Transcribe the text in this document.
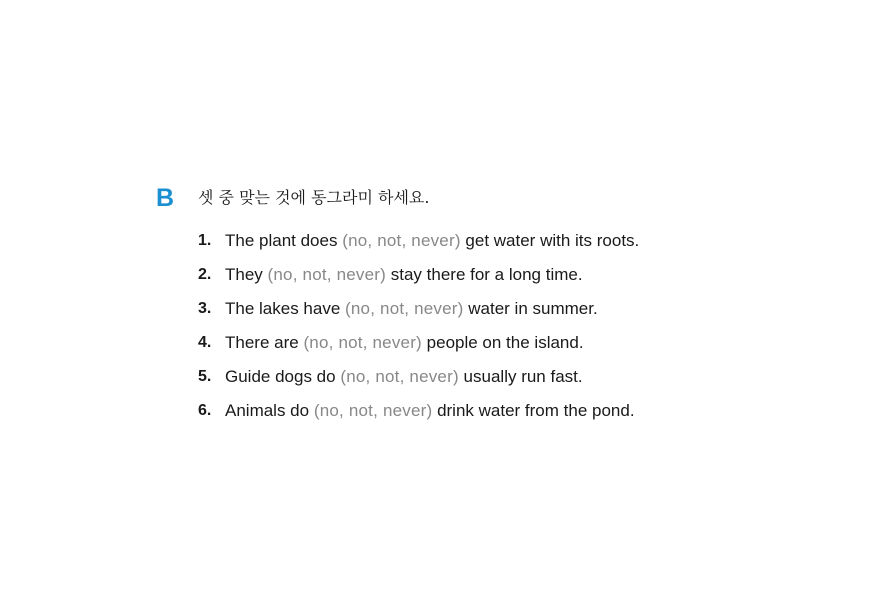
B	셋 중 맞는 것에 동그라미 하세요.
1. The plant does
(no, not, never)
get water with its roots.
2. They
(no, not, never)
stay there for a long time.
3. The lakes have
(no, not, never)
water in summer.
4. There are
(no, not, never)
people on the island.
5. Guide dogs do
(no, not, never)
usually run fast.
6. Animals do
(no, not, never)
drink water from the pond.
